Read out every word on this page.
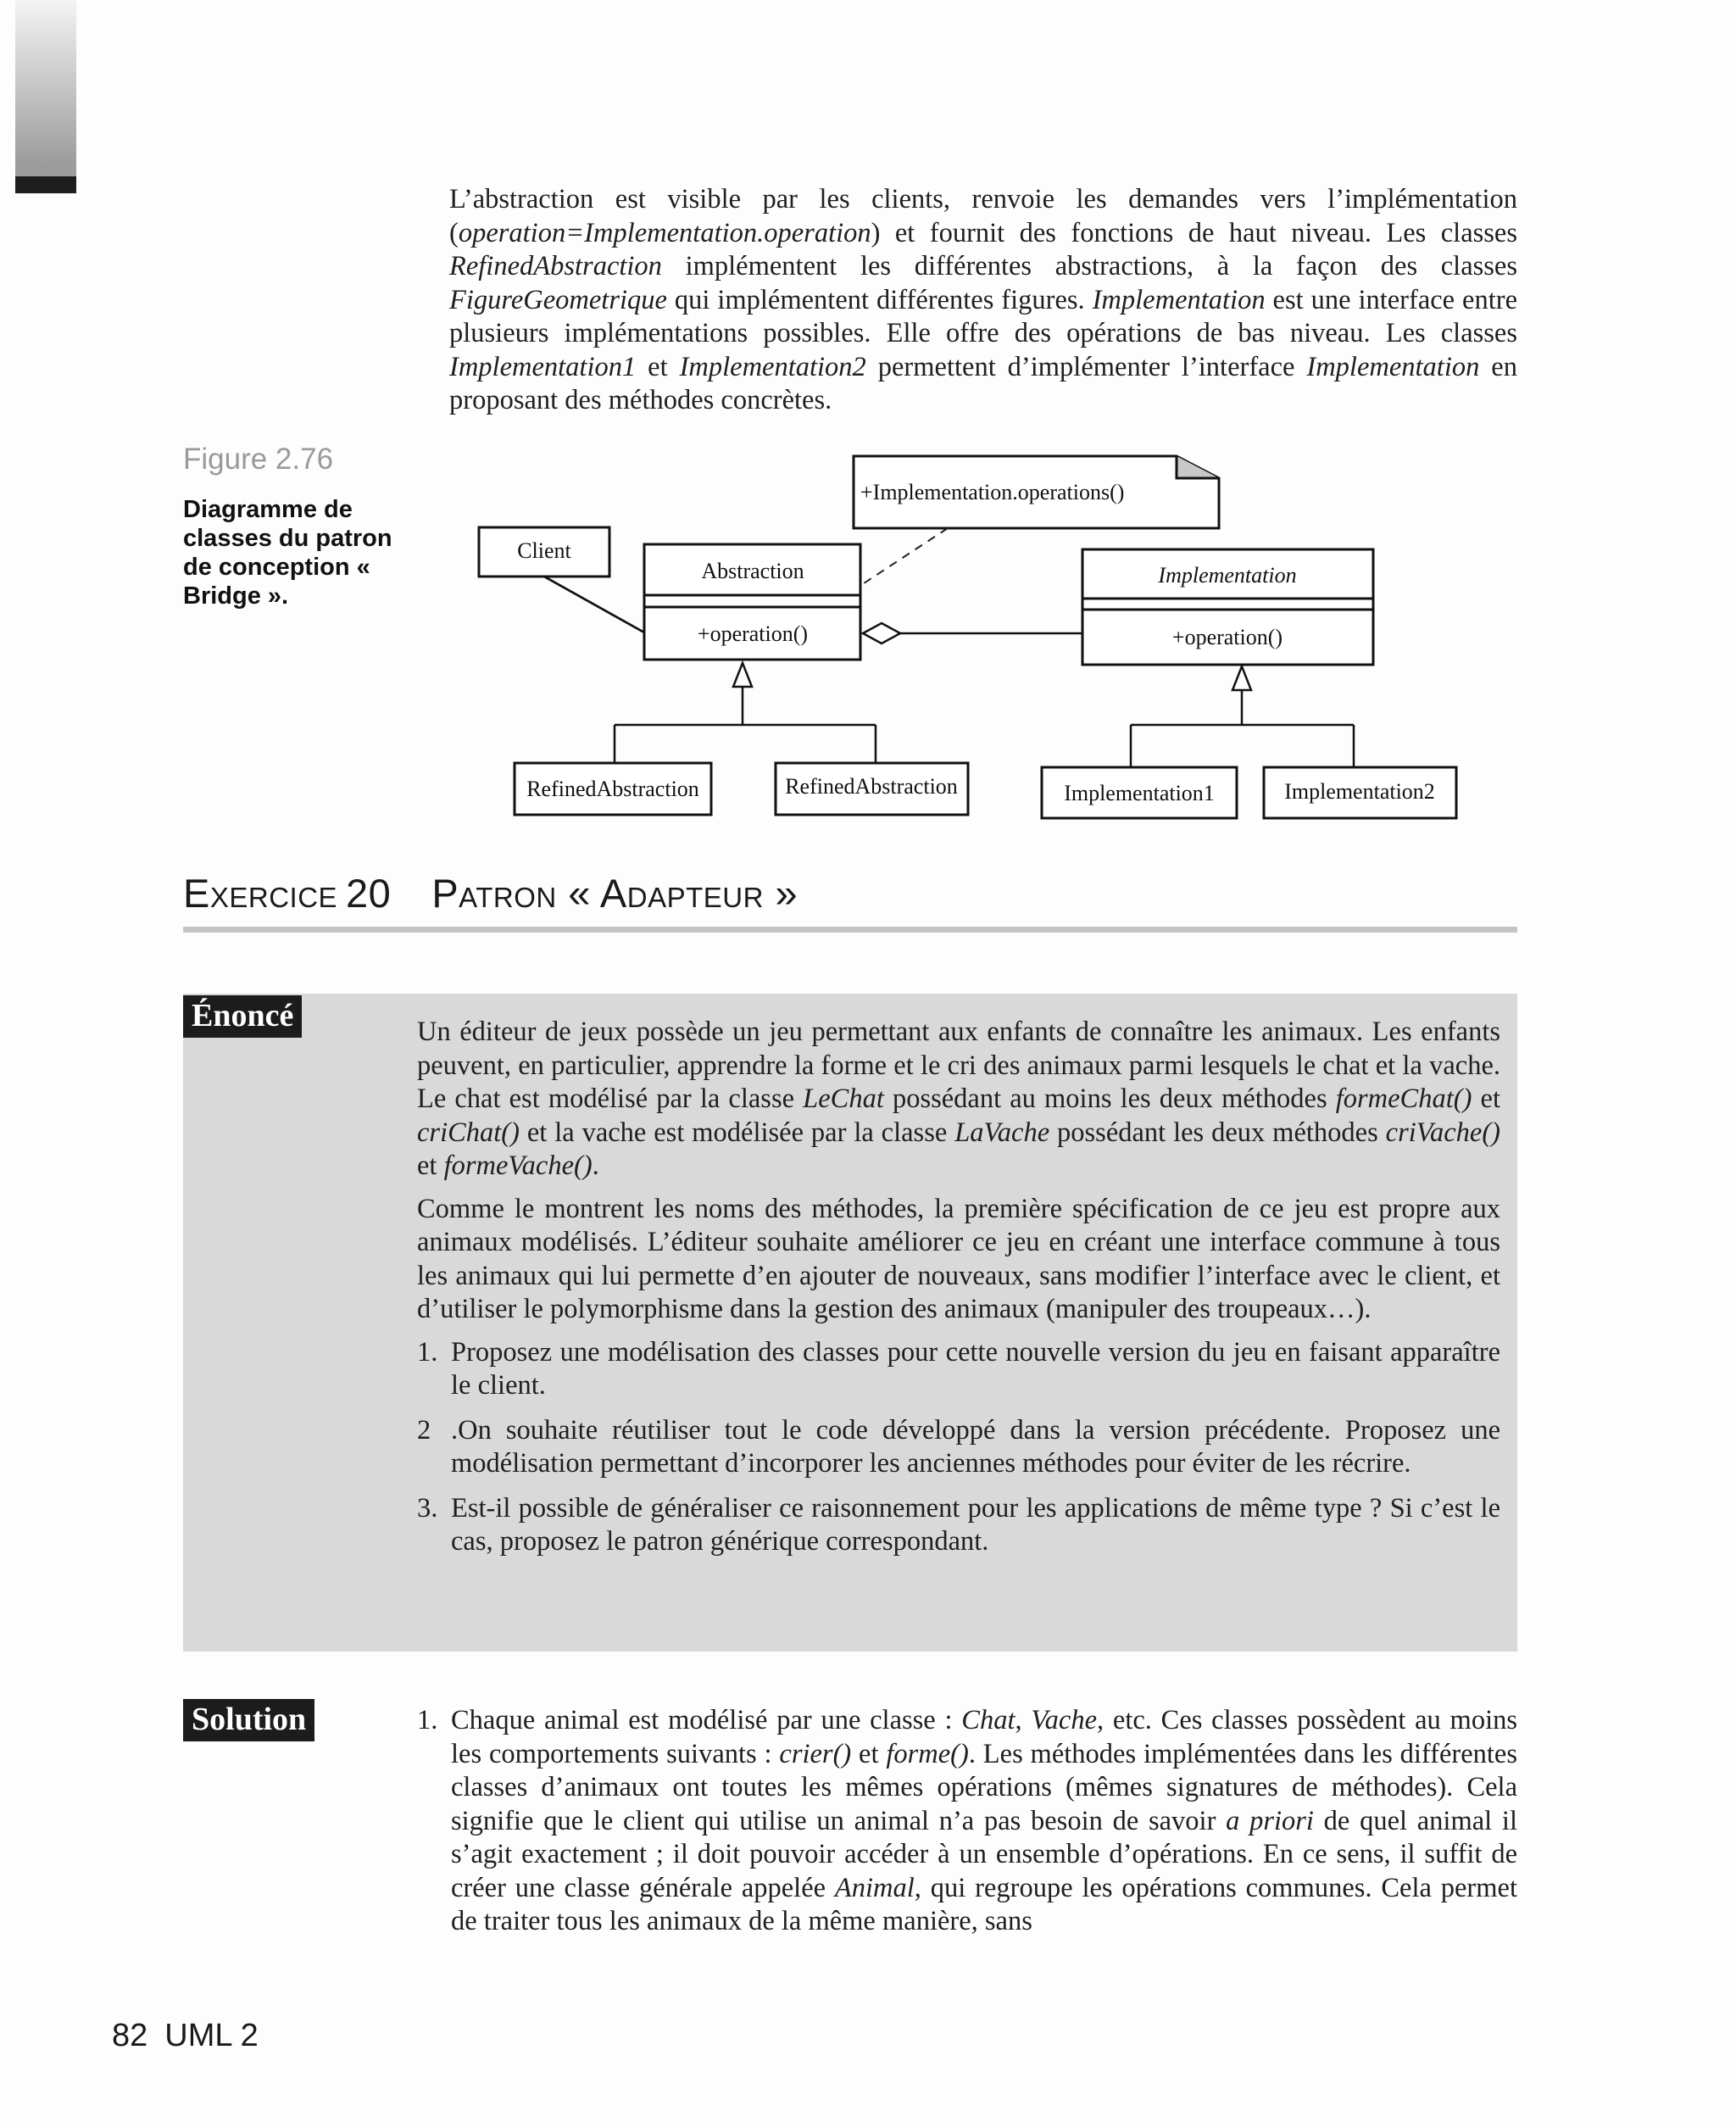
L’abstraction est visible par les clients, renvoie les demandes vers l’implémentation (operation=Implementation.operation) et fournit des fonctions de haut niveau. Les classes RefinedAbstraction implémentent les différentes abstractions, à la façon des classes FigureGeometrique qui implémentent différentes figures. Implementation est une interface entre plusieurs implémentations possibles. Elle offre des opérations de bas niveau. Les classes Implementation1 et Implementation2 permettent d’implémenter l’interface Implementation en proposant des méthodes concrètes.

Figure 2.76
Diagramme de classes du patron de conception « Bridge ».
+Implementation.operations()
Client
Abstraction
+operation()
Implementation
+operation()
RefinedAbstraction	RefinedAbstraction	Implementation1	Implementation2
Exercice 20 Patron « Adapteur »
Énoncé	Un éditeur de jeux possède un jeu permettant aux enfants de connaître les animaux. Les enfants peuvent, en particulier, apprendre la forme et le cri des animaux parmi lesquels le chat et la vache. Le chat est modélisé par la classe LeChat possédant au moins les deux méthodes formeChat() et criChat() et la vache est modélisée par la classe LaVache possédant les deux méthodes criVache() et formeVache().

Comme le montrent les noms des méthodes, la première spécification de ce jeu est propre aux animaux modélisés. L’éditeur souhaite améliorer ce jeu en créant une interface commune à tous les animaux qui lui permette d’en ajouter de nouveaux, sans modifier l’interface avec le client, et d’utiliser le polymorphisme dans la gestion des animaux (manipuler des troupeaux…).

1. Proposez une modélisation des classes pour cette nouvelle version du jeu en faisant apparaître le client.
2 .On souhaite réutiliser tout le code développé dans la version précédente. Proposez une modélisation permettant d’incorporer les anciennes méthodes pour éviter de les récrire.
3. Est-il possible de généraliser ce raisonnement pour les applications de même type ? Si c’est le cas, proposez le patron générique correspondant.
Solution	1. Chaque animal est modélisé par une classe : Chat, Vache, etc. Ces classes possèdent au moins les comportements suivants : crier() et forme(). Les méthodes implémentées dans les différentes classes d’animaux ont toutes les mêmes opérations (mêmes signatures de méthodes). Cela signifie que le client qui utilise un animal n’a pas besoin de savoir a priori de quel animal il s’agit exactement ; il doit pouvoir accéder à un ensemble d’opérations. En ce sens, il suffit de créer une classe générale appelée Animal, qui regroupe les opérations communes. Cela permet de traiter tous les animaux de la même manière, sans
82 UML 2
